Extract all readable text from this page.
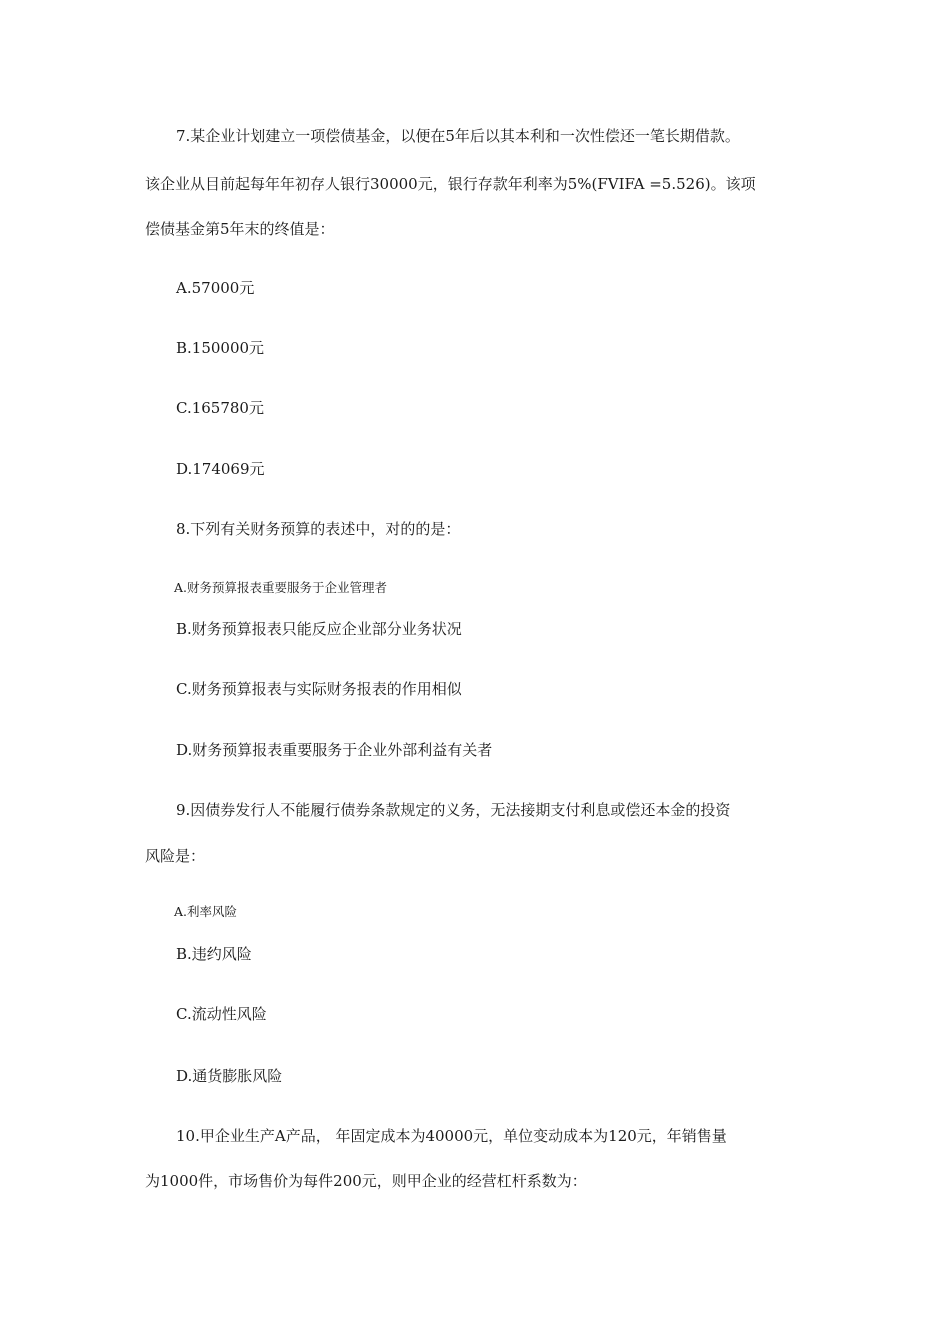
7.某企业计划建立一项偿债基金，以便在5年后以其本利和一次性偿还一笔长期借款。
该企业从目前起每年年初存人银行30000元，银行存款年利率为5%(FVIFA =5.526)。该项
偿债基金第5年末的终值是：
A.57000元
B.150000元
C.165780元
D.174069元
8.下列有关财务预算的表述中，对的的是：
A.财务预算报表重要服务于企业管理者
B.财务预算报表只能反应企业部分业务状况
C.财务预算报表与实际财务报表的作用相似
D.财务预算报表重要服务于企业外部利益有关者
9.因债券发行人不能履行债券条款规定的义务，无法接期支付利息或偿还本金的投资
风险是：
A.利率风险
B.违约风险
C.流动性风险
D.通货膨胀风险
10.甲企业生产A产品， 年固定成本为40000元，单位变动成本为120元，年销售量
为1000件，市场售价为每件200元，则甲企业的经营杠杆系数为：
